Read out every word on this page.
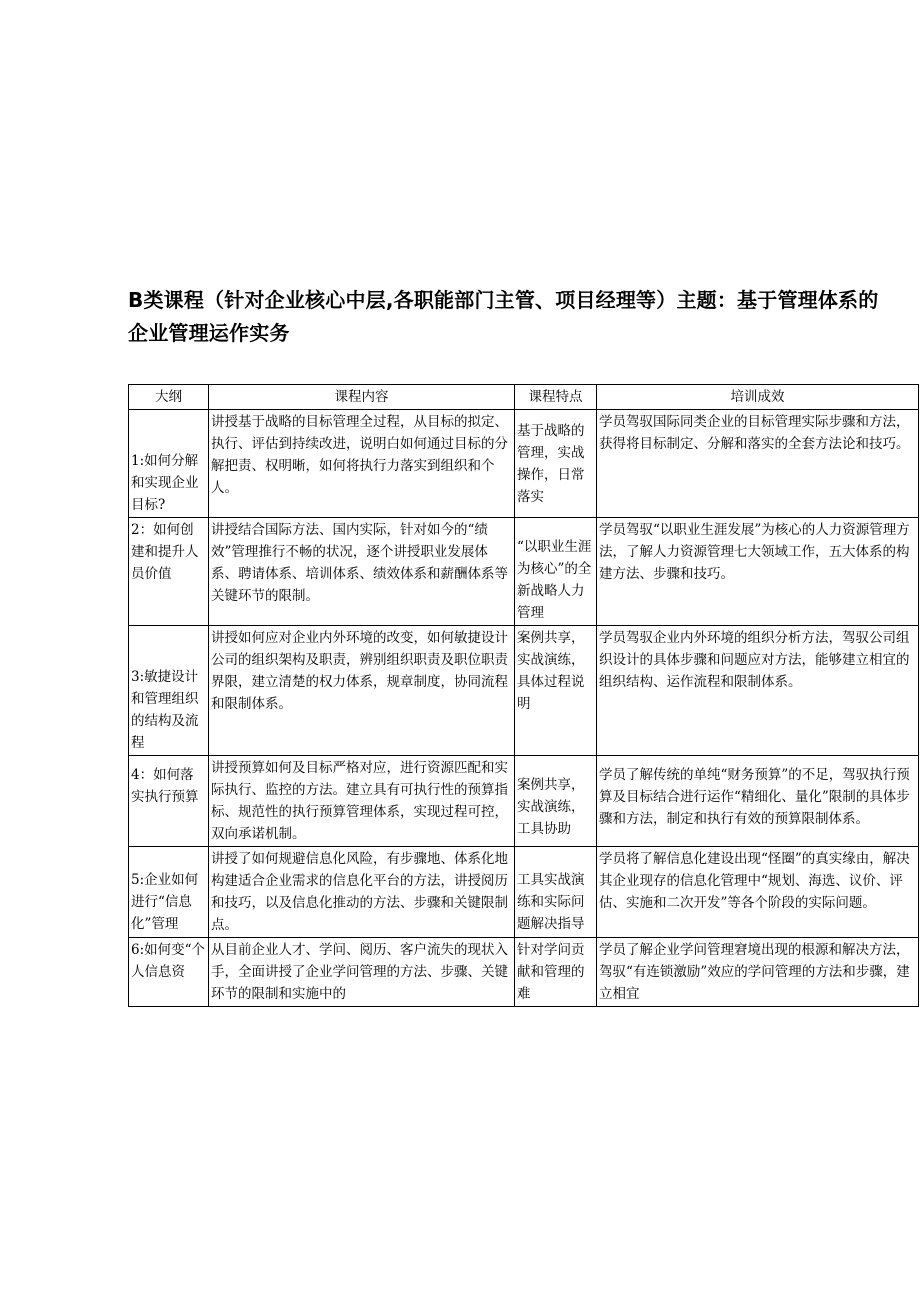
B类课程（针对企业核心中层,各职能部门主管、项目经理等）主题：基于管理体系的企业管理运作实务
大纲	课程内容	课程特点	培训成效
1:如何分解和实现企业目标?	讲授基于战略的目标管理全过程，从目标的拟定、执行、评估到持续改进，说明白如何通过目标的分解把责、权明晰，如何将执行力落实到组织和个人。	基于战略的管理，实战操作，日常落实	学员驾驭国际同类企业的目标管理实际步骤和方法，获得将目标制定、分解和落实的全套方法论和技巧。
2：如何创建和提升人员价值	讲授结合国际方法、国内实际，针对如今的“绩效”管理推行不畅的状况，逐个讲授职业发展体系、聘请体系、培训体系、绩效体系和薪酬体系等关键环节的限制。	“以职业生涯为核心”的全新战略人力管理	学员驾驭“以职业生涯发展”为核心的人力资源管理方法，了解人力资源管理七大领域工作，五大体系的构建方法、步骤和技巧。
3:敏捷设计和管理组织的结构及流程	讲授如何应对企业内外环境的改变，如何敏捷设计公司的组织架构及职责，辨别组织职责及职位职责界限，建立清楚的权力体系，规章制度，协同流程和限制体系。	案例共享，实战演练，具体过程说明	学员驾驭企业内外环境的组织分析方法，驾驭公司组织设计的具体步骤和问题应对方法，能够建立相宜的组织结构、运作流程和限制体系。
4：如何落实执行预算	讲授预算如何及目标严格对应，进行资源匹配和实际执行、监控的方法。建立具有可执行性的预算指标、规范性的执行预算管理体系，实现过程可控，双向承诺机制。	案例共享，实战演练，工具协助	学员了解传统的单纯“财务预算”的不足，驾驭执行预算及目标结合进行运作“精细化、量化”限制的具体步骤和方法，制定和执行有效的预算限制体系。
5:企业如何进行“信息化”管理	讲授了如何规避信息化风险，有步骤地、体系化地构建适合企业需求的信息化平台的方法，讲授阅历和技巧，以及信息化推动的方法、步骤和关键限制点。	工具实战演练和实际问题解决指导	学员将了解信息化建设出现“怪圈”的真实缘由，解决其企业现存的信息化管理中“规划、海选、议价、评估、实施和二次开发”等各个阶段的实际问题。
6:如何变“个人信息资	从目前企业人才、学问、阅历、客户流失的现状入手，全面讲授了企业学问管理的方法、步骤、关键环节的限制和实施中的	针对学问贡献和管理的难	学员了解企业学问管理窘境出现的根源和解决方法，驾驭“有连锁激励”效应的学问管理的方法和步骤，建立相宜
